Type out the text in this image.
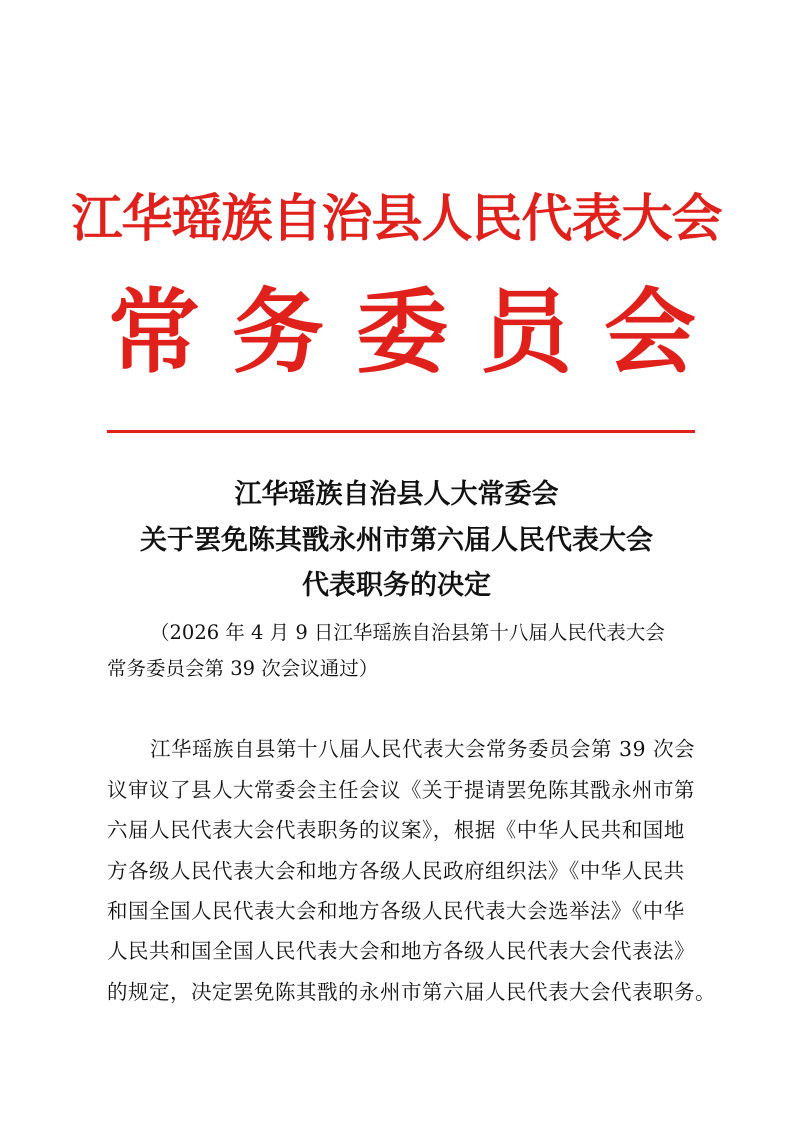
江华瑶族自治县人民代表大会
常 务 委 员 会
江华瑶族自治县人大常委会
关于罢免陈其戬永州市第六届人民代表大会
代表职务的决定
（2026 年 4 月 9 日江华瑶族自治县第十八届人民代表大会
常务委员会第 39 次会议通过）
江华瑶族自县第十八届人民代表大会常务委员会第 39 次会
议审议了县人大常委会主任会议《关于提请罢免陈其戬永州市第
六届人民代表大会代表职务的议案》，根据《中华人民共和国地
方各级人民代表大会和地方各级人民政府组织法》《中华人民共
和国全国人民代表大会和地方各级人民代表大会选举法》《中华
人民共和国全国人民代表大会和地方各级人民代表大会代表法》
的规定，决定罢免陈其戬的永州市第六届人民代表大会代表职务。
